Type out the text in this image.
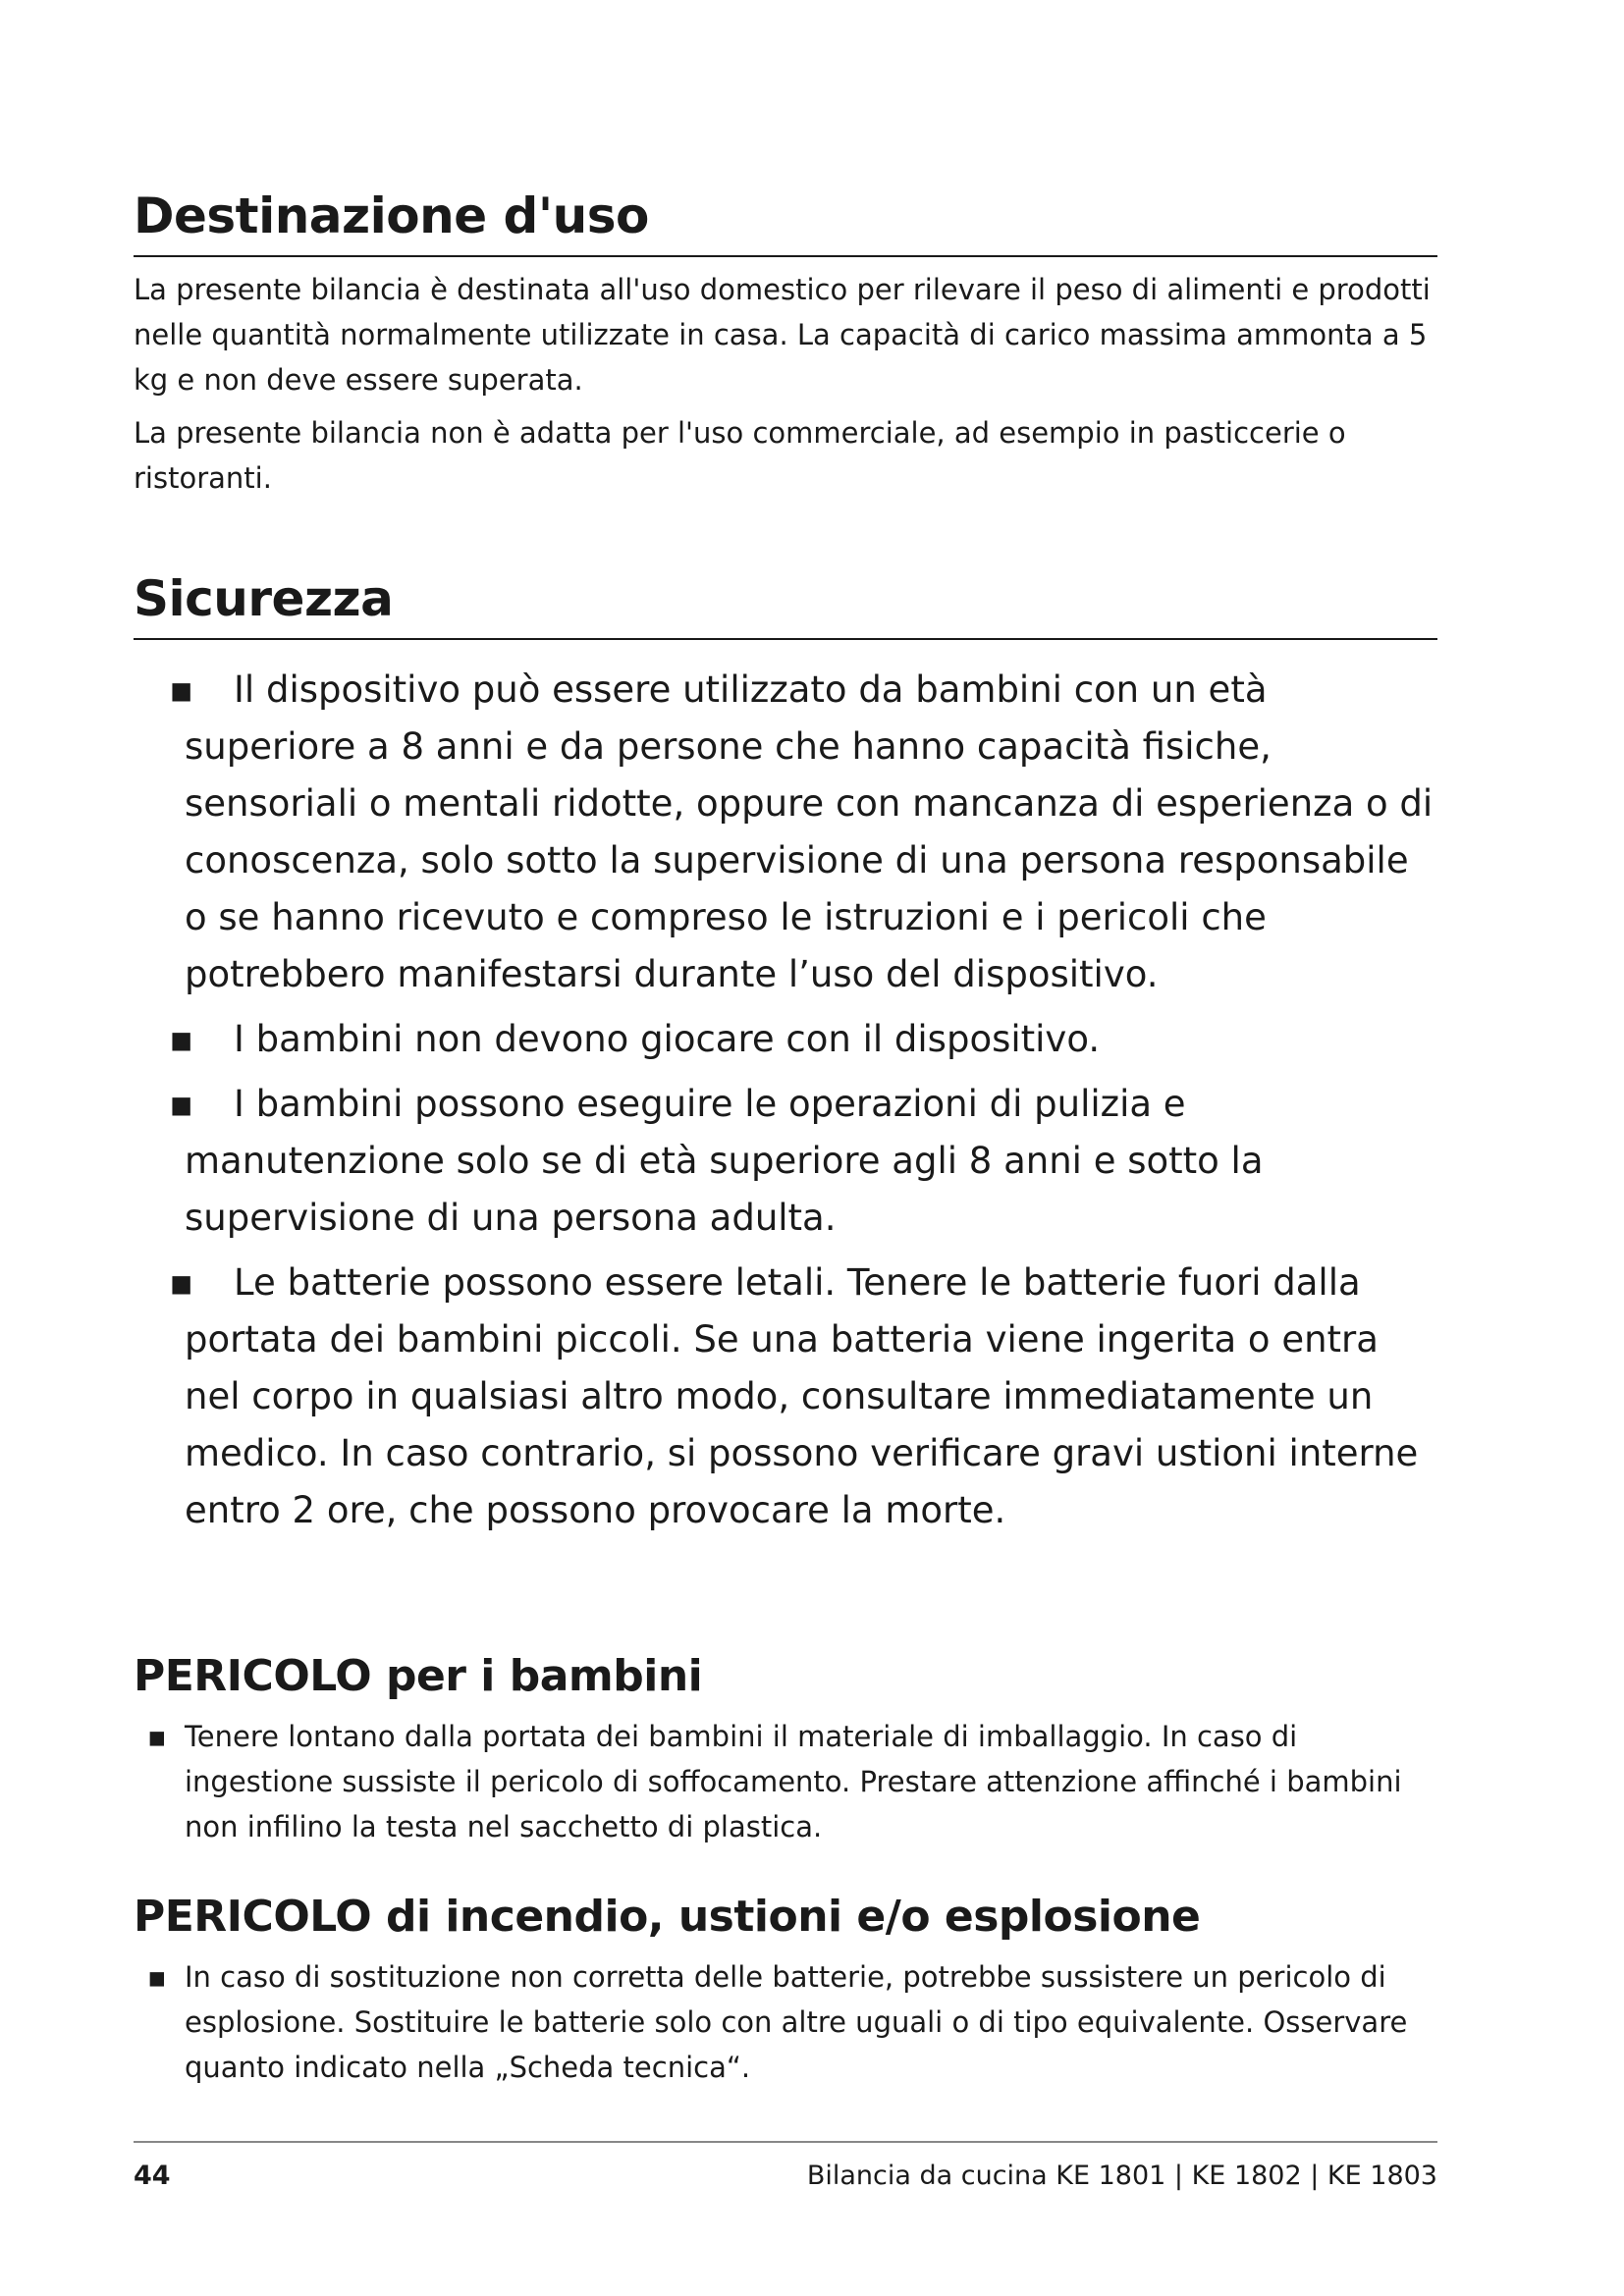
Destinazione d'uso

La presente bilancia è destinata all'uso domestico per rilevare il peso di alimenti e prodotti nelle quantità normalmente utilizzate in casa. La capacità di carico massima ammonta a 5 kg e non deve essere superata.

La presente bilancia non è adatta per l'uso commerciale, ad esempio in pasticcerie o ristoranti.

Sicurezza
▪ Il dispositivo può essere utilizzato da bambini con un età superiore a 8 anni e da persone che hanno capacità fisiche, sensoriali o mentali ridotte, oppure con mancanza di esperienza o di conoscenza, solo sotto la supervisione di una persona responsabile o se hanno ricevuto e compreso le istruzioni e i pericoli che potrebbero manifestarsi durante l’uso del dispositivo.
▪ I bambini non devono giocare con il dispositivo.
▪ I bambini possono eseguire le operazioni di pulizia e manutenzione solo se di età superiore agli 8 anni e sotto la supervisione di una persona adulta.
▪ Le batterie possono essere letali. Tenere le batterie fuori dalla portata dei bambini piccoli. Se una batteria viene ingerita o entra nel corpo in qualsiasi altro modo, consultare immediatamente un medico. In caso contrario, si possono verificare gravi ustioni interne entro 2 ore, che possono provocare la morte.
PERICOLO per i bambini
▪ Tenere lontano dalla portata dei bambini il materiale di imballaggio. In caso di ingestione sussiste il pericolo di soffocamento. Prestare attenzione affinché i bambini non infilino la testa nel sacchetto di plastica.
PERICOLO di incendio, ustioni e/o esplosione
▪ In caso di sostituzione non corretta delle batterie, potrebbe sussistere un pericolo di esplosione. Sostituire le batterie solo con altre uguali o di tipo equivalente. Osservare quanto indicato nella „Scheda tecnica“.
44	Bilancia da cucina KE 1801 | KE 1802 | KE 1803
